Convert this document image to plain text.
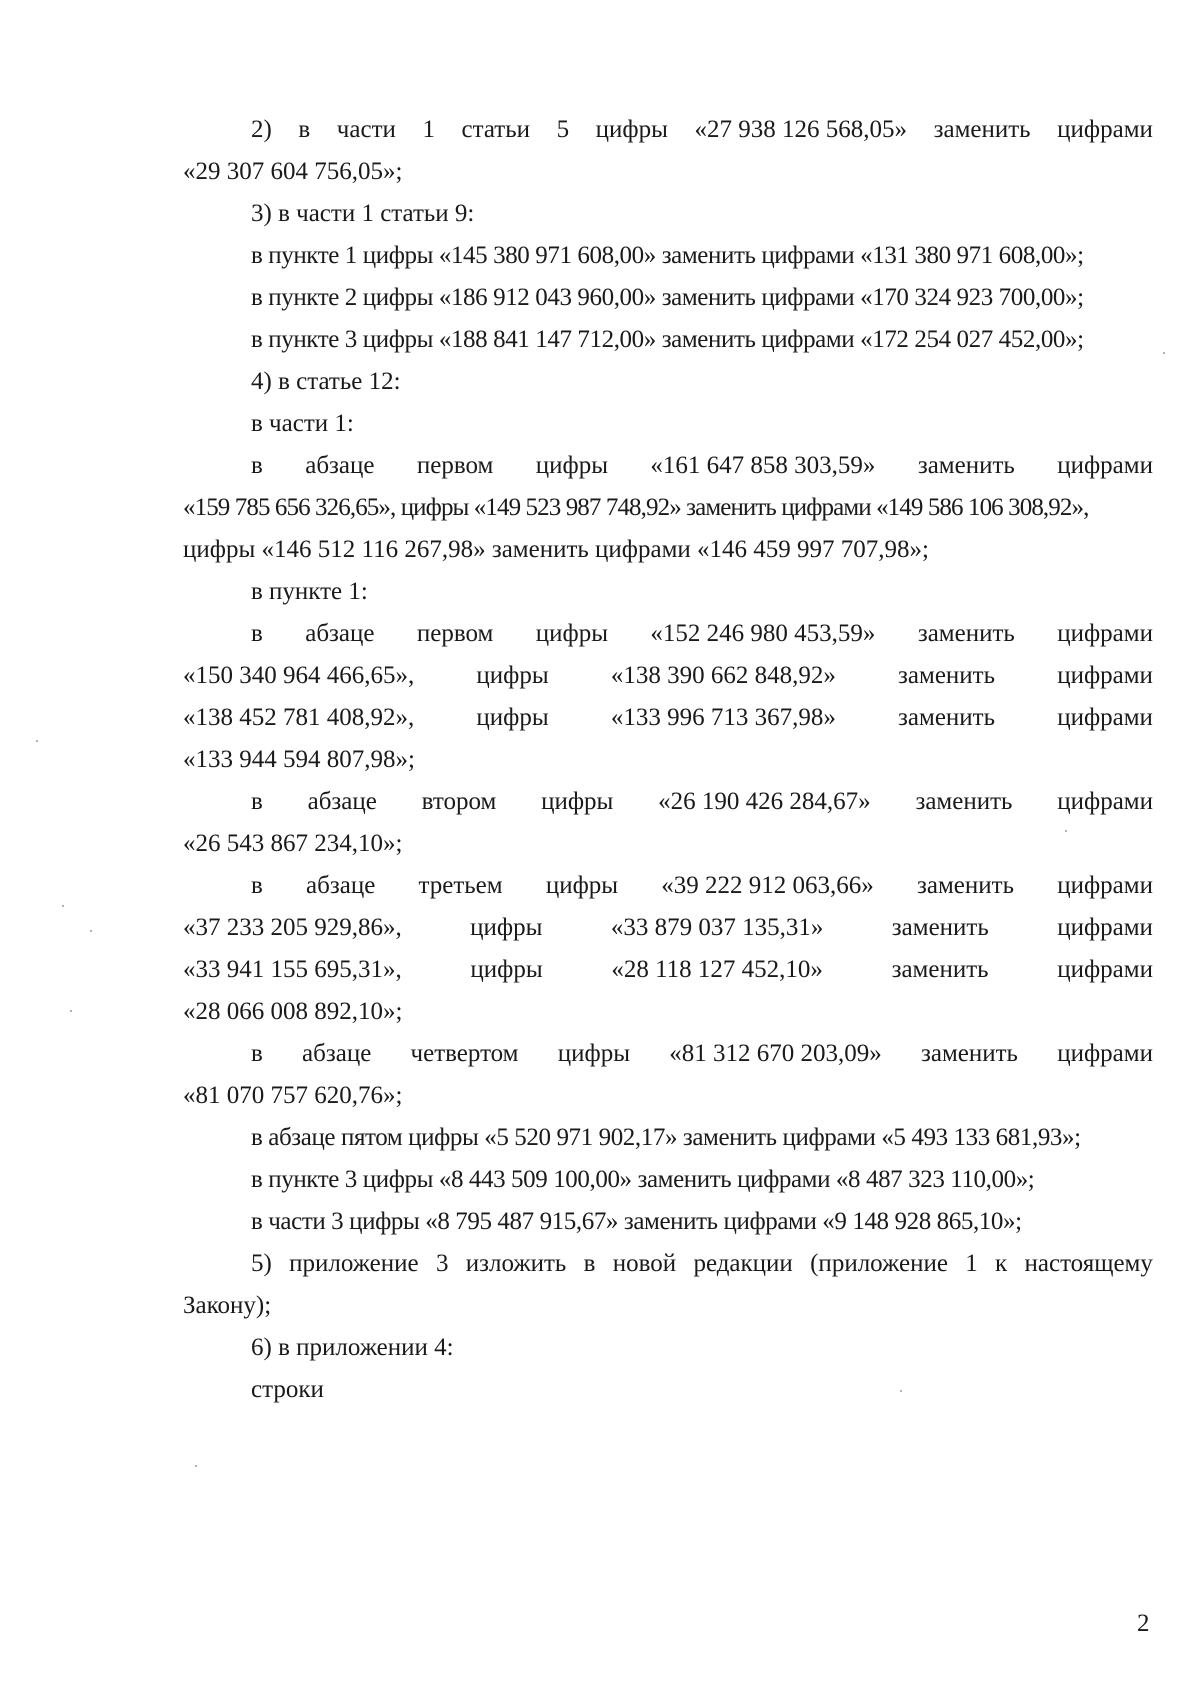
2) в части 1 статьи 5 цифры «27 938 126 568,05» заменить цифрами
«29 307 604 756,05»;
3) в части 1 статьи 9:
в пункте 1 цифры «145 380 971 608,00» заменить цифрами «131 380 971 608,00»;
в пункте 2 цифры «186 912 043 960,00» заменить цифрами «170 324 923 700,00»;
в пункте 3 цифры «188 841 147 712,00» заменить цифрами «172 254 027 452,00»;
4) в статье 12:
в части 1:
в абзаце первом цифры «161 647 858 303,59» заменить цифрами
«159 785 656 326,65», цифры «149 523 987 748,92» заменить цифрами «149 586 106 308,92»,
цифры «146 512 116 267,98» заменить цифрами «146 459 997 707,98»;
в пункте 1:
в абзаце первом цифры «152 246 980 453,59» заменить цифрами
«150 340 964 466,65», цифры «138 390 662 848,92» заменить цифрами
«138 452 781 408,92», цифры «133 996 713 367,98» заменить цифрами
«133 944 594 807,98»;
в абзаце втором цифры «26 190 426 284,67» заменить цифрами
«26 543 867 234,10»;
в абзаце третьем цифры «39 222 912 063,66» заменить цифрами
«37 233 205 929,86»,	цифры	«33 879 037 135,31»	заменить	цифрами
«33 941 155 695,31»,	цифры	«28 118 127 452,10»	заменить	цифрами
«28 066 008 892,10»;
в абзаце четвертом цифры «81 312 670 203,09» заменить цифрами
«81 070 757 620,76»;
в абзаце пятом цифры «5 520 971 902,17» заменить цифрами «5 493 133 681,93»;
в пункте 3 цифры «8 443 509 100,00» заменить цифрами «8 487 323 110,00»;
в части 3 цифры «8 795 487 915,67» заменить цифрами «9 148 928 865,10»;
5) приложение 3 изложить в новой редакции (приложение 1 к настоящему
Закону);
6) в приложении 4:
строки
2
